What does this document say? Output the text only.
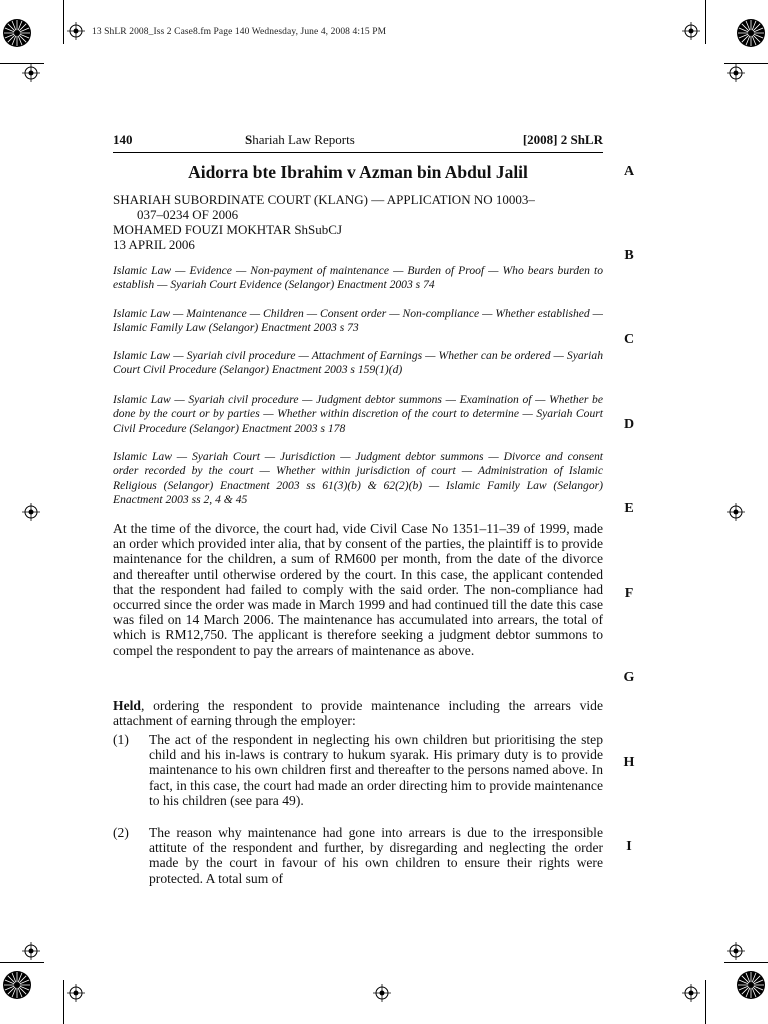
13 ShLR 2008_Iss 2 Case8.fm Page 140 Wednesday, June 4, 2008 4:15 PM
140	Shariah Law Reports	[2008] 2 ShLR
Aidorra bte Ibrahim v Azman bin Abdul Jalil
SHARIAH SUBORDINATE COURT (KLANG) — APPLICATION NO 10003–
037–0234 OF 2006
MOHAMED FOUZI MOKHTAR ShSubCJ
13 APRIL 2006
Islamic Law — Evidence — Non-payment of maintenance — Burden of Proof — Who bears burden to establish — Syariah Court Evidence (Selangor) Enactment 2003 s 74
Islamic Law — Maintenance — Children — Consent order — Non-compliance — Whether established — Islamic Family Law (Selangor) Enactment 2003 s 73
Islamic Law — Syariah civil procedure — Attachment of Earnings — Whether can be ordered — Syariah Court Civil Procedure (Selangor) Enactment 2003 s 159(1)(d)
Islamic Law — Syariah civil procedure — Judgment debtor summons — Examination of — Whether be done by the court or by parties — Whether within discretion of the court to determine — Syariah Court Civil Procedure (Selangor) Enactment 2003 s 178
Islamic Law — Syariah Court — Jurisdiction — Judgment debtor summons — Divorce and consent order recorded by the court — Whether within jurisdiction of court — Administration of Islamic Religious (Selangor) Enactment 2003 ss 61(3)(b) & 62(2)(b) — Islamic Family Law (Selangor) Enactment 2003 ss 2, 4 & 45
At the time of the divorce, the court had, vide Civil Case No 1351–11–39 of 1999, made an order which provided inter alia, that by consent of the parties, the plaintiff is to provide maintenance for the children, a sum of RM600 per month, from the date of the divorce and thereafter until otherwise ordered by the court. In this case, the applicant contended that the respondent had failed to comply with the said order. The non-compliance had occurred since the order was made in March 1999 and had continued till the date this case was filed on 14 March 2006. The maintenance has accumulated into arrears, the total of which is RM12,750. The applicant is therefore seeking a judgment debtor summons to compel the respondent to pay the arrears of maintenance as above.
Held, ordering the respondent to provide maintenance including the arrears vide attachment of earning through the employer:
(1) The act of the respondent in neglecting his own children but prioritising the step child and his in-laws is contrary to hukum syarak. His primary duty is to provide maintenance to his own children first and thereafter to the persons named above. In fact, in this case, the court had made an order directing him to provide maintenance to his children (see para 49).
(2) The reason why maintenance had gone into arrears is due to the irresponsible attitute of the respondent and further, by disregarding and neglecting the order made by the court in favour of his own children to ensure their rights were protected. A total sum of
A
B
C
D
E
F
G
H
I
